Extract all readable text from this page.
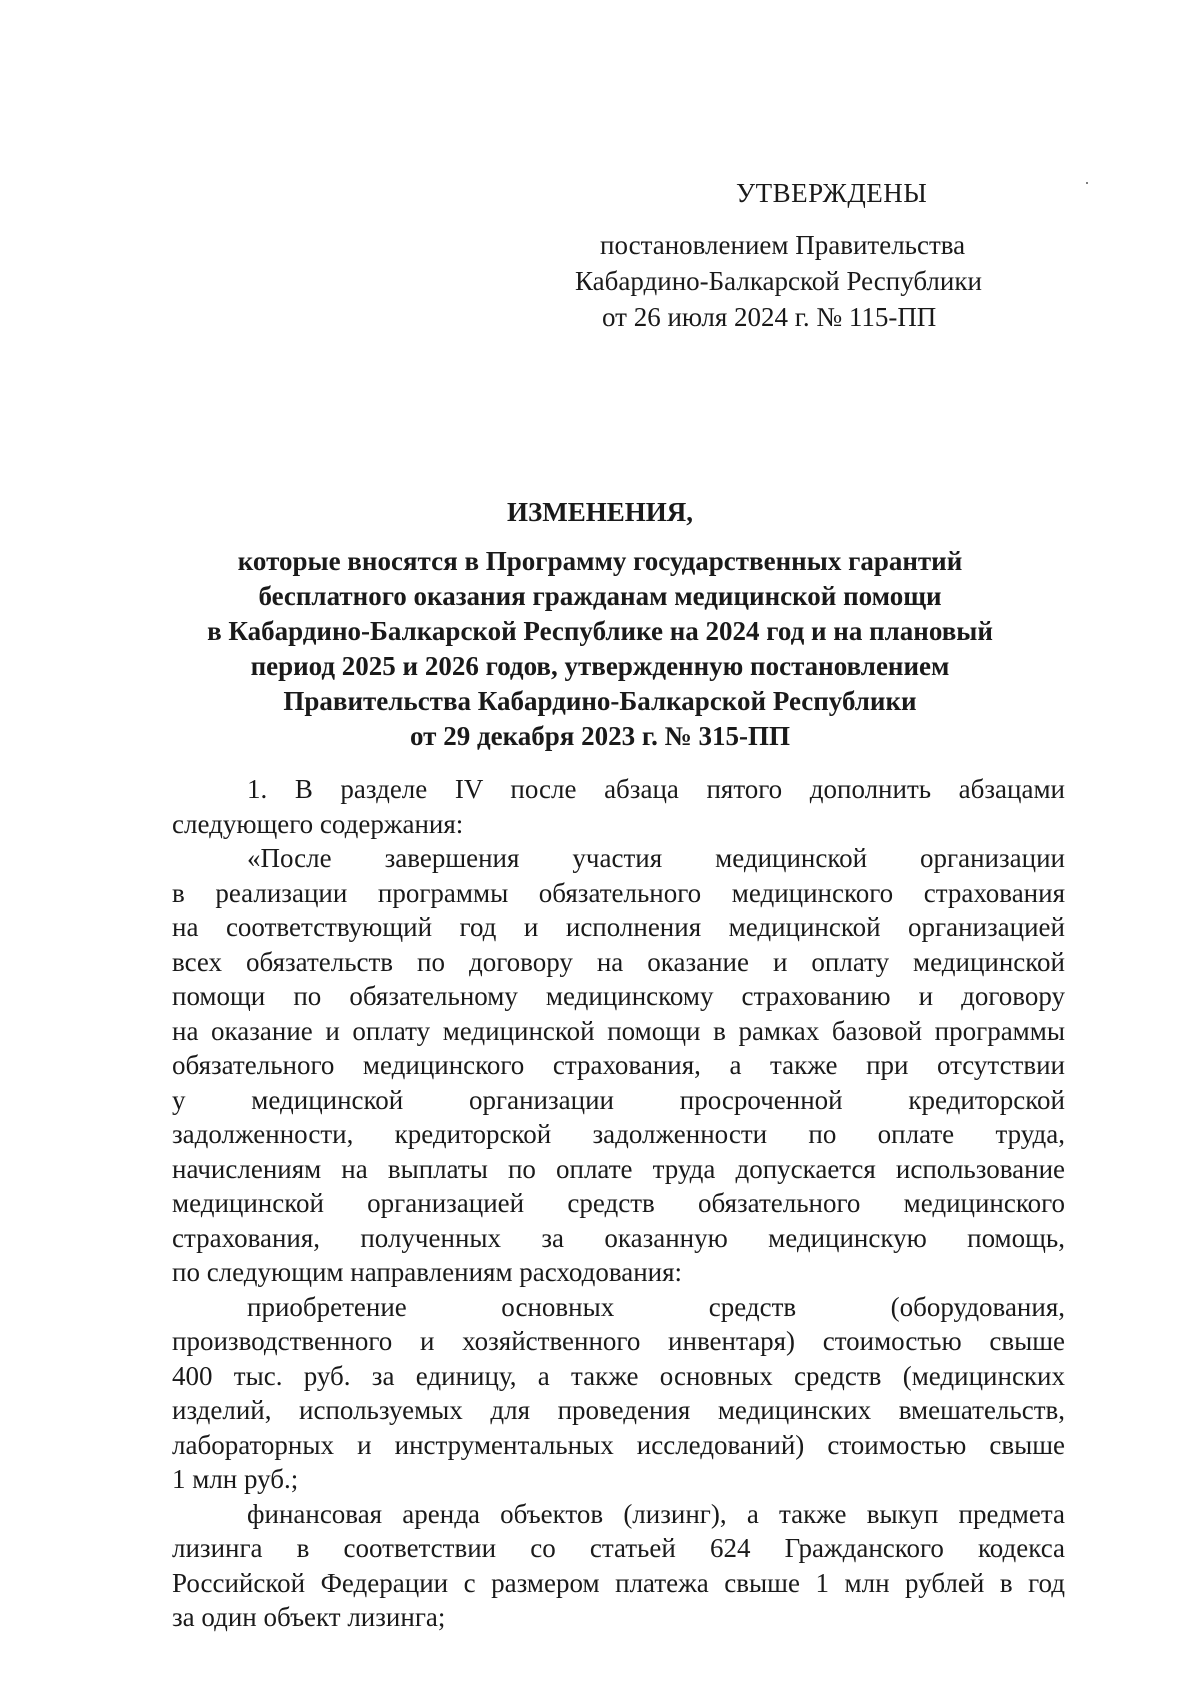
УТВЕРЖДЕНЫ
постановлением Правительства
Кабардино-Балкарской Республики
от 26 июля 2024 г. № 115-ПП
ИЗМЕНЕНИЯ,
которые вносятся в Программу государственных гарантий
бесплатного оказания гражданам медицинской помощи
в Кабардино-Балкарской Республике на 2024 год и на плановый
период 2025 и 2026 годов, утвержденную постановлением
Правительства Кабардино-Балкарской Республики
от 29 декабря 2023 г. № 315-ПП

1. В разделе IV после абзаца пятого дополнить абзацами

следующего содержания:

«После завершения участия медицинской организации

в реализации программы обязательного медицинского страхования

на соответствующий год и исполнения медицинской организацией

всех обязательств по договору на оказание и оплату медицинской

помощи по обязательному медицинскому страхованию и договору

на оказание и оплату медицинской помощи в рамках базовой программы

обязательного медицинского страхования, а также при отсутствии

у медицинской организации просроченной кредиторской

задолженности, кредиторской задолженности по оплате труда,

начислениям на выплаты по оплате труда допускается использование

медицинской организацией средств обязательного медицинского

страхования, полученных за оказанную медицинскую помощь,

по следующим направлениям расходования:

приобретение основных средств (оборудования,

производственного и хозяйственного инвентаря) стоимостью свыше

400 тыс. руб. за единицу, а также основных средств (медицинских

изделий, используемых для проведения медицинских вмешательств,

лабораторных и инструментальных исследований) стоимостью свыше

1 млн руб.;

финансовая аренда объектов (лизинг), а также выкуп предмета

лизинга в соответствии со статьей 624 Гражданского кодекса

Российской Федерации с размером платежа свыше 1 млн рублей в год

за один объект лизинга;
